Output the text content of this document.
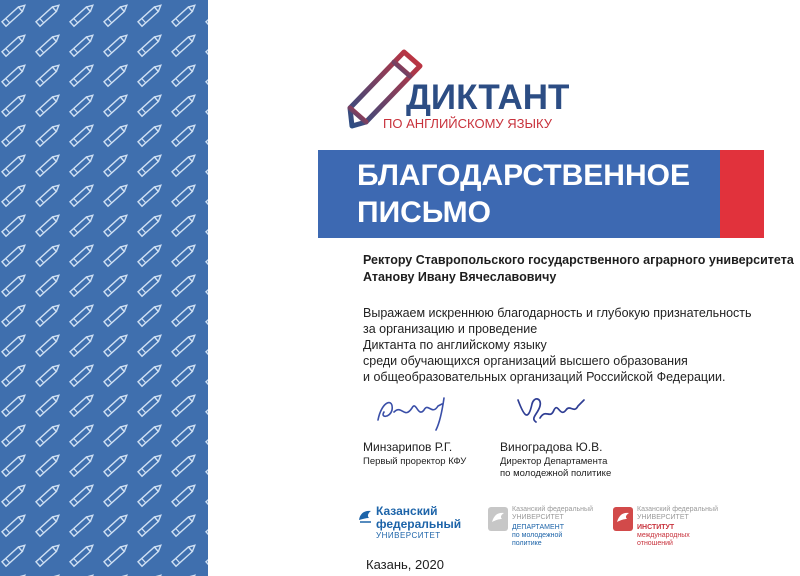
ДИКТАНТ
ПО АНГЛИЙСКОМУ ЯЗЫКУ
БЛАГОДАРСТВЕННОЕ
ПИСЬМО
Ректору Ставропольского государственного аграрного университета
Атанову Ивану Вячеславовичу
Выражаем искреннюю благодарность и глубокую признательность
за организацию и проведение
Диктанта по английскому языку
среди обучающихся организаций высшего образования
и общеобразовательных организаций Российской Федерации.
Минзарипов Р.Г.
Первый проректор КФУ
Виноградова Ю.В.
Директор Департамента
по молодежной политике
Казанский
федеральный
УНИВЕРСИТЕТ
Казанский федеральный
УНИВЕРСИТЕТ
ДЕПАРТАМЕНТ
по молодежной
политике
Казанский федеральный
УНИВЕРСИТЕТ
ИНСТИТУТ
международных
отношений
Казань, 2020
